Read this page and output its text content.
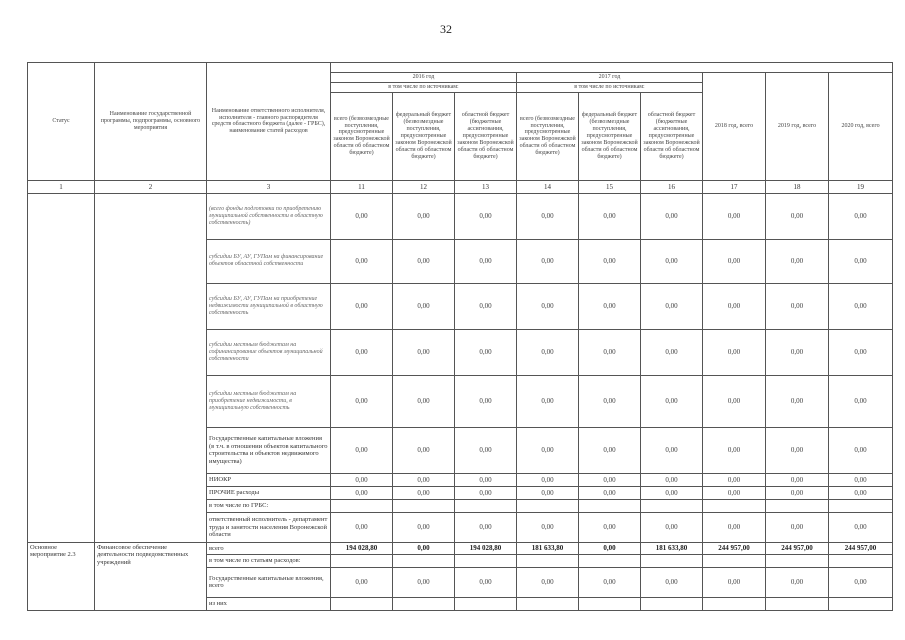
32
Статус	Наименование государственной программы, подпрограммы, основного мероприятия	Наименование ответственного исполнителя, исполнителя - главного распорядителя средств областного бюджета (далее - ГРБС), наименование статей расходов									
			2016 год			2017 год			2018 год, всего	2019 год, всего	2020 год, всего
			в том числе по источникам:			в том числе по источникам:					
			всего (безвозмездные поступления, предусмотренные законом Воронежской области об областном бюджете)	федеральный бюджет (безвозмездные поступления, предусмотренные законом Воронежской области об областном бюджете)	областной бюджет (бюджетные ассигнования, предусмотренные законом Воронежской области об областном бюджете)	всего (безвозмездные поступления, предусмотренные законом Воронежской области об областном бюджете)	федеральный бюджет (безвозмездные поступления, предусмотренные законом Воронежской области об областном бюджете)	областной бюджет (бюджетные ассигнования, предусмотренные законом Воронежской области об областном бюджете)			
1	2	3	11	12	13	14	15	16	17	18	19
		(всего фонды подготовки по приобретению муниципальной собственности в областную собственность)	0,00	0,00	0,00	0,00	0,00	0,00	0,00	0,00	0,00
		субсидии БУ, АУ, ГУПам на финансирование объектов областной собственности	0,00	0,00	0,00	0,00	0,00	0,00	0,00	0,00	0,00
		субсидии БУ, АУ, ГУПам на приобретение недвижимости муниципальной в областную собственность	0,00	0,00	0,00	0,00	0,00	0,00	0,00	0,00	0,00
		субсидии местным бюджетам на софинансирование объектов муниципальной собственности	0,00	0,00	0,00	0,00	0,00	0,00	0,00	0,00	0,00
		субсидии местным бюджетам на приобретение недвижимости, в муниципальную собственность	0,00	0,00	0,00	0,00	0,00	0,00	0,00	0,00	0,00
		Государственные капитальные вложения (в т.ч. в отношении объектов капитального строительства и объектов недвижимого имущества)	0,00	0,00	0,00	0,00	0,00	0,00	0,00	0,00	0,00
		НИОКР	0,00	0,00	0,00	0,00	0,00	0,00	0,00	0,00	0,00
		ПРОЧИЕ расходы	0,00	0,00	0,00	0,00	0,00	0,00	0,00	0,00	0,00
		в том числе по ГРБС:									
		ответственный исполнитель - департамент труда и занятости населения Воронежской области	0,00	0,00	0,00	0,00	0,00	0,00	0,00	0,00	0,00
Основное мероприятие 2.3	Финансовое обеспечение деятельности подведомственных учреждений	всего	194 028,80	0,00	194 028,80	181 633,80	0,00	181 633,80	244 957,00	244 957,00	244 957,00
		в том числе по статьям расходов:									
		Государственные капитальные вложения, всего	0,00	0,00	0,00	0,00	0,00	0,00	0,00	0,00	0,00
		из них									
